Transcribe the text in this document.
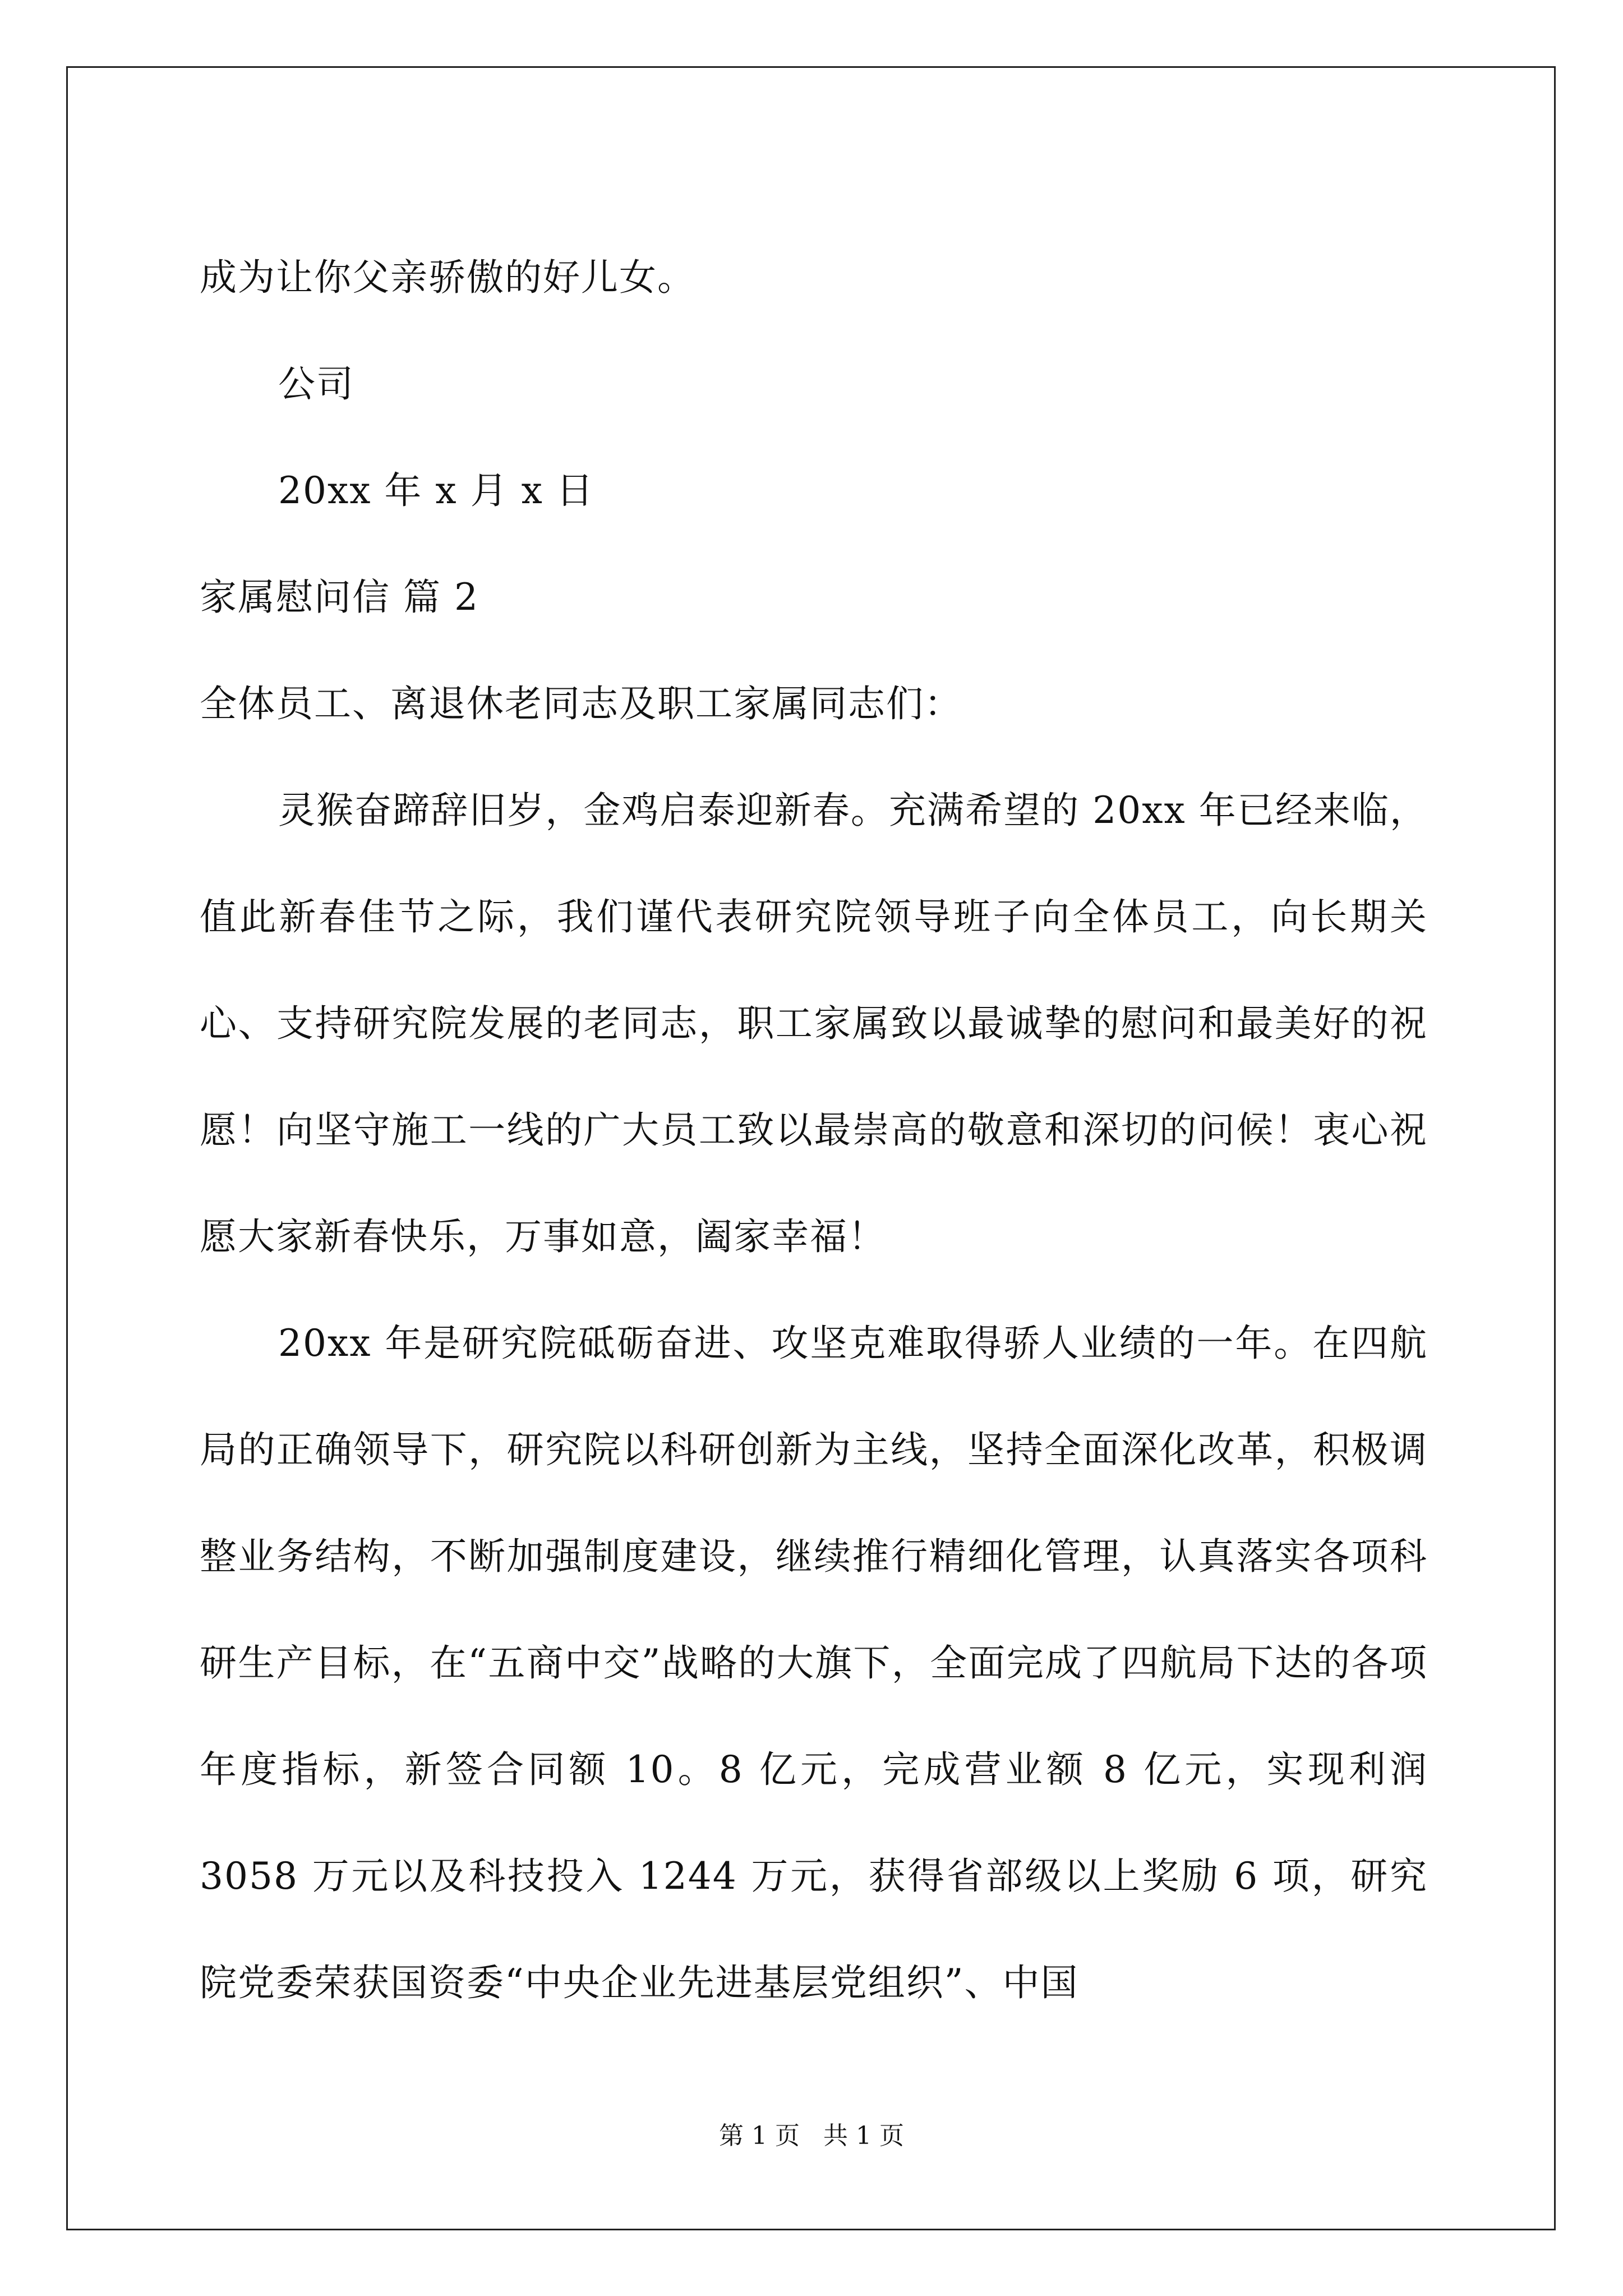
成为让你父亲骄傲的好儿女。
公司
20xx 年 x 月 x 日
家属慰问信 篇 2
全体员工、离退休老同志及职工家属同志们：

灵猴奋蹄辞旧岁，金鸡启泰迎新春。充满希望的 20xx 年已经来临，值此新春佳节之际，我们谨代表研究院领导班子向全体员工，向长期关心、支持研究院发展的老同志，职工家属致以最诚挚的慰问和最美好的祝愿！向坚守施工一线的广大员工致以最崇高的敬意和深切的问候！衷心祝愿大家新春快乐，万事如意，阖家幸福！

20xx 年是研究院砥砺奋进、攻坚克难取得骄人业绩的一年。在四航局的正确领导下，研究院以科研创新为主线，坚持全面深化改革，积极调整业务结构，不断加强制度建设，继续推行精细化管理，认真落实各项科研生产目标，在“五商中交”战略的大旗下，全面完成了四航局下达的各项年度指标，新签合同额 10。8 亿元，完成营业额 8 亿元，实现利润 3058 万元以及科技投入 1244 万元，获得省部级以上奖励 6 项，研究院党委荣获国资委“中央企业先进基层党组织”、中国

第 1 页   共 1 页
